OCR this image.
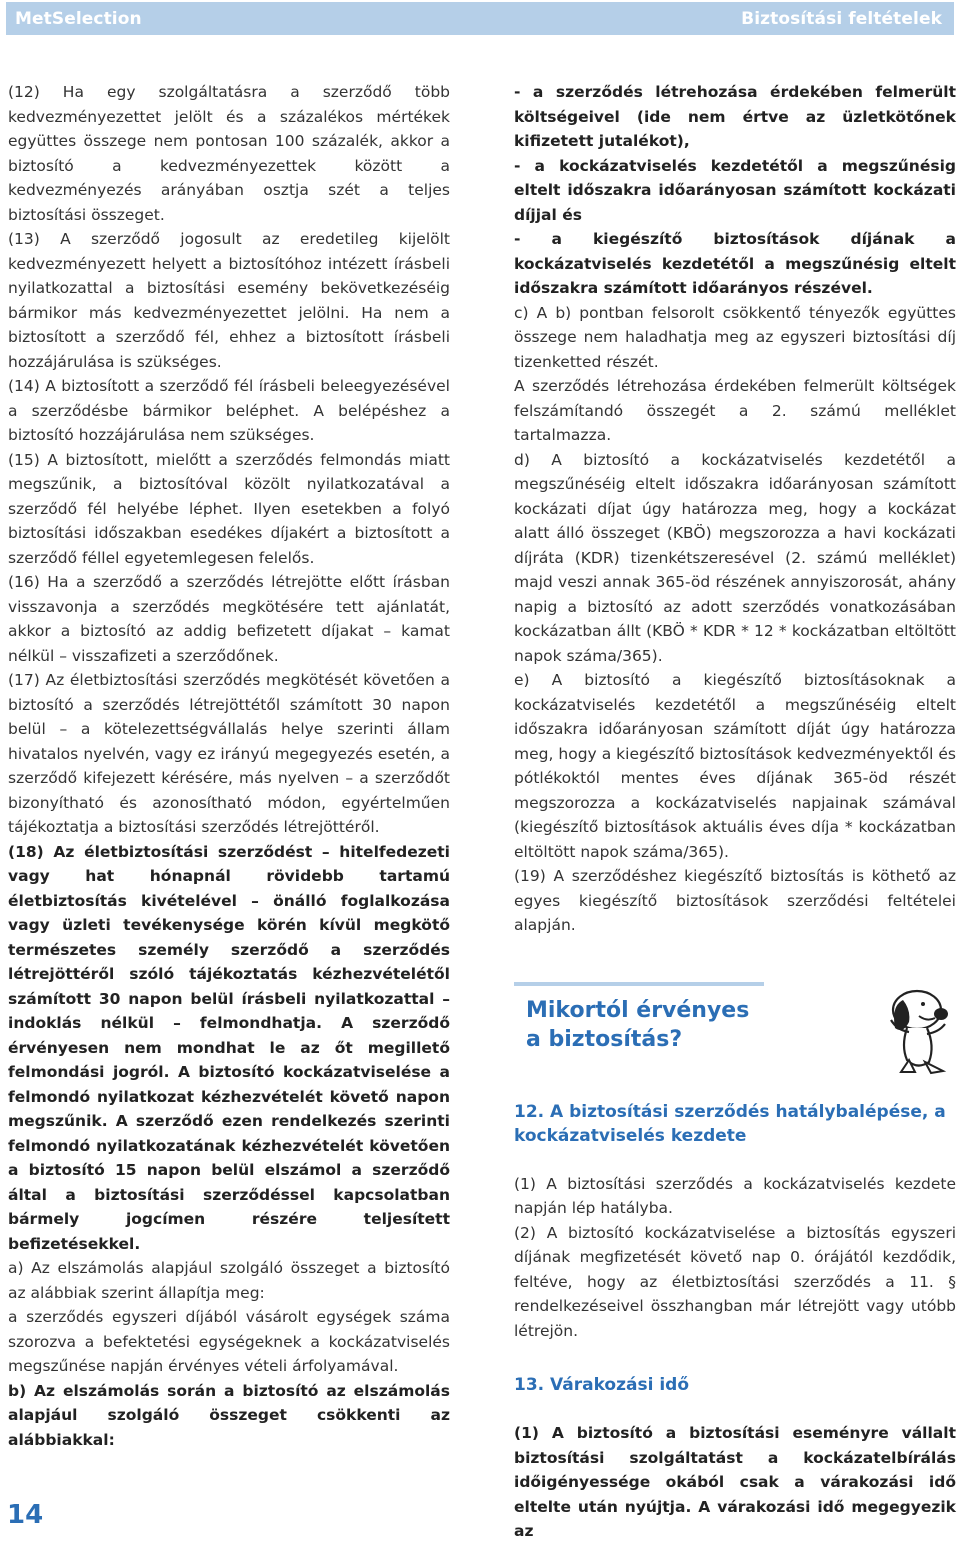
MetSelection	Biztosítási feltételek

(12) Ha egy szolgáltatásra a szerződő több kedvezményezettet jelölt és a százalékos mértékek együttes összege nem pontosan 100 százalék, akkor a biztosító a kedvezményezettek között a kedvezményezés arányában osztja szét a teljes biztosítási összeget.

(13) A szerződő jogosult az eredetileg kijelölt kedvezményezett helyett a biztosítóhoz intézett írásbeli nyilatkozattal a biztosítási esemény bekövetkezéséig bármikor más kedvezményezettet jelölni. Ha nem a biztosított a szerződő fél, ehhez a biztosított írásbeli hozzájárulása is szükséges.

(14) A biztosított a szerződő fél írásbeli beleegyezésével a szerződésbe bármikor beléphet. A belépéshez a biztosító hozzájárulása nem szükséges.

(15) A biztosított, mielőtt a szerződés felmondás miatt megszűnik, a biztosítóval közölt nyilatkozatával a szerződő fél helyébe léphet. Ilyen esetekben a folyó biztosítási időszakban esedékes díjakért a biztosított a szerződő féllel egyetemlegesen felelős.

(16) Ha a szerződő a szerződés létrejötte előtt írásban visszavonja a szerződés megkötésére tett ajánlatát, akkor a biztosító az addig befizetett díjakat – kamat nélkül – visszafizeti a szerződőnek.

(17) Az életbiztosítási szerződés megkötését követően a biztosító a szerződés létrejöttétől számított 30 napon belül – a kötelezettségvállalás helye szerinti állam hivatalos nyelvén, vagy ez irányú megegyezés esetén, a szerződő kifejezett kérésére, más nyelven – a szerződőt bizonyítható és azonosítható módon, egyértelműen tájékoztatja a biztosítási szerződés létrejöttéről.

(18) Az életbiztosítási szerződést – hitelfedezeti vagy hat hónapnál rövidebb tartamú életbiztosítás kivételével – önálló foglalkozása vagy üzleti tevékenysége körén kívül megkötő természetes személy szerződő a szerződés létrejöttéről szóló tájékoztatás kézhezvételétől számított 30 napon belül írásbeli nyilatkozattal – indoklás nélkül – felmondhatja. A szerződő érvényesen nem mondhat le az őt megillető felmondási jogról. A biztosító kockázatviselése a felmondó nyilatkozat kézhezvételét követő napon megszűnik. A szerződő ezen rendelkezés szerinti felmondó nyilatkozatának kézhezvételét követően a biztosító 15 napon belül elszámol a szerződő által a biztosítási szerződéssel kapcsolatban bármely jogcímen részére teljesített befizetésekkel.

a) Az elszámolás alapjául szolgáló összeget a biztosító az alábbiak szerint állapítja meg:

a szerződés egyszeri díjából vásárolt egységek száma szorozva a befektetési egységeknek a kockázatviselés megszűnése napján érvényes vételi árfolyamával.

b) Az elszámolás során a biztosító az elszámolás alapjául szolgáló összeget csökkenti az alábbiakkal:

- a szerződés létrehozása érdekében felmerült költségeivel (ide nem értve az üzletkötőnek kifizetett jutalékot),

- a kockázatviselés kezdetétől a megszűnésig eltelt időszakra időarányosan számított kockázati díjjal és

- a kiegészítő biztosítások díjának a kockázatviselés kezdetétől a megszűnésig eltelt időszakra számított időarányos részével.

c) A b) pontban felsorolt csökkentő tényezők együttes összege nem haladhatja meg az egyszeri biztosítási díj tizenketted részét.

A szerződés létrehozása érdekében felmerült költségek felszámítandó összegét a 2. számú melléklet tartalmazza.

d) A biztosító a kockázatviselés kezdetétől a megszűnéséig eltelt időszakra időarányosan számított kockázati díjat úgy határozza meg, hogy a kockázat alatt álló összeget (KBÖ) megszorozza a havi kockázati díjráta (KDR) tizenkétszeresével (2. számú melléklet) majd veszi annak 365-öd részének annyiszorosát, ahány napig a biztosító az adott szerződés vonatkozásában kockázatban állt (KBÖ * KDR * 12 * kockázatban eltöltött napok száma/365).

e) A biztosító a kiegészítő biztosításoknak a kockázatviselés kezdetétől a megszűnéséig eltelt időszakra időarányosan számított díját úgy határozza meg, hogy a kiegészítő biztosítások kedvezményektől és pótlékoktól mentes éves díjának 365-öd részét megszorozza a kockázatviselés napjainak számával (kiegészítő biztosítások aktuális éves díja * kockázatban eltöltött napok száma/365).

(19) A szerződéshez kiegészítő biztosítás is köthető az egyes kiegészítő biztosítások szerződési feltételei alapján.

Mikortól érvényes
a biztosítás?
12. A biztosítási szerződés hatálybalépése, a kockázatviselés kezdete

(1) A biztosítási szerződés a kockázatviselés kezdete napján lép hatályba.

(2) A biztosító kockázatviselése a biztosítás egyszeri díjának megfizetését követő nap 0. órájától kezdődik, feltéve, hogy az életbiztosítási szerződés a 11. § rendelkezéseivel összhangban már létrejött vagy utóbb létrejön.

13. Várakozási idő

(1) A biztosító a biztosítási eseményre vállalt biztosítási szolgáltatást a kockázatelbírálás időigényessége okából csak a várakozási idő eltelte után nyújtja. A várakozási idő megegyezik az

14
